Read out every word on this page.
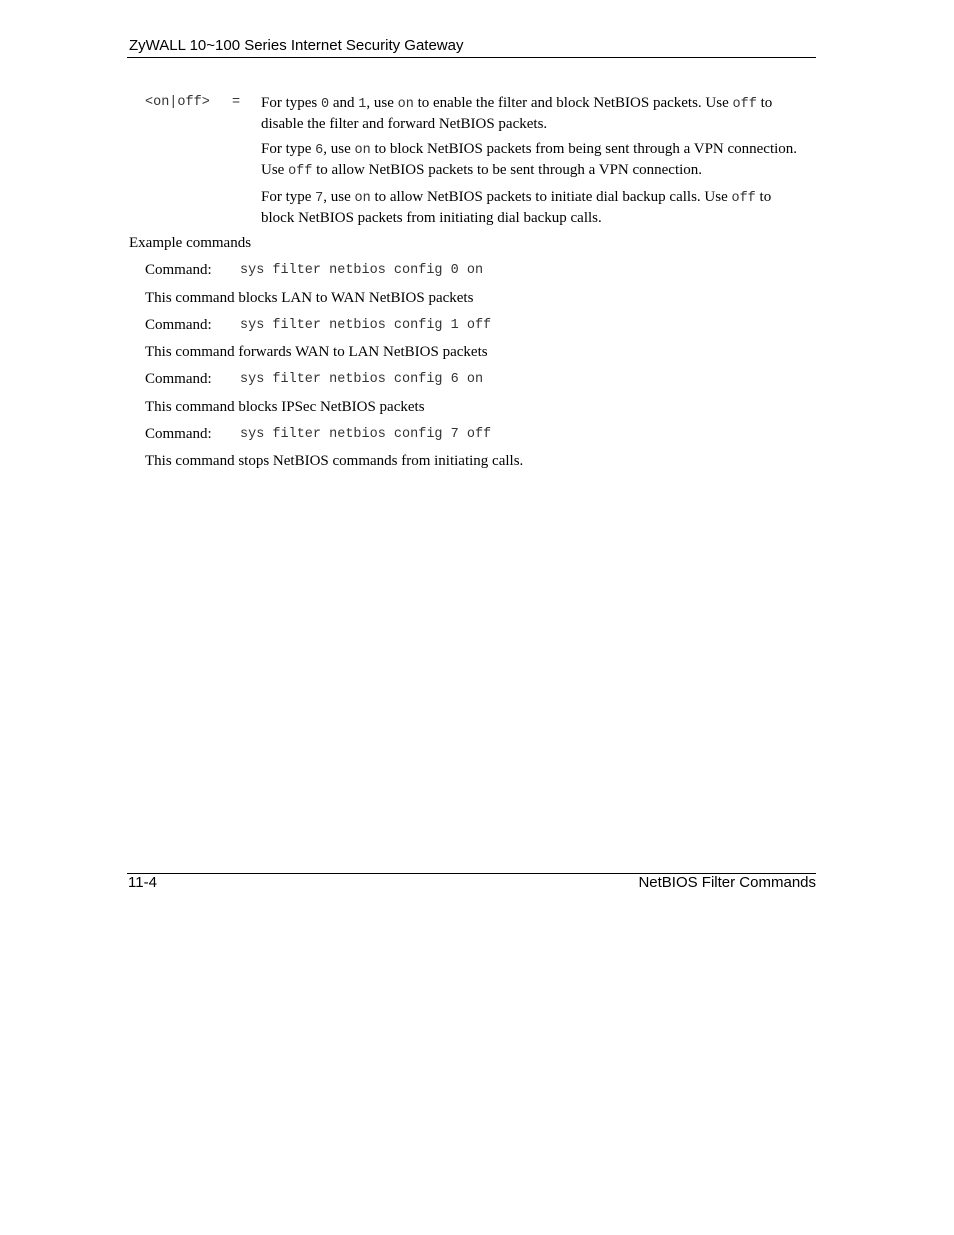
ZyWALL 10~100 Series Internet Security Gateway
<on|off> = For types 0 and 1, use on to enable the filter and block NetBIOS packets. Use off to disable the filter and forward NetBIOS packets.

For type 6, use on to block NetBIOS packets from being sent through a VPN connection. Use off to allow NetBIOS packets to be sent through a VPN connection.

For type 7, use on to allow NetBIOS packets to initiate dial backup calls. Use off to block NetBIOS packets from initiating dial backup calls.

Example commands
Command: sys filter netbios config 0 on
This command blocks LAN to WAN NetBIOS packets
Command: sys filter netbios config 1 off
This command forwards WAN to LAN NetBIOS packets
Command: sys filter netbios config 6 on
This command blocks IPSec NetBIOS packets
Command: sys filter netbios config 7 off
This command stops NetBIOS commands from initiating calls.
11-4	NetBIOS Filter Commands
